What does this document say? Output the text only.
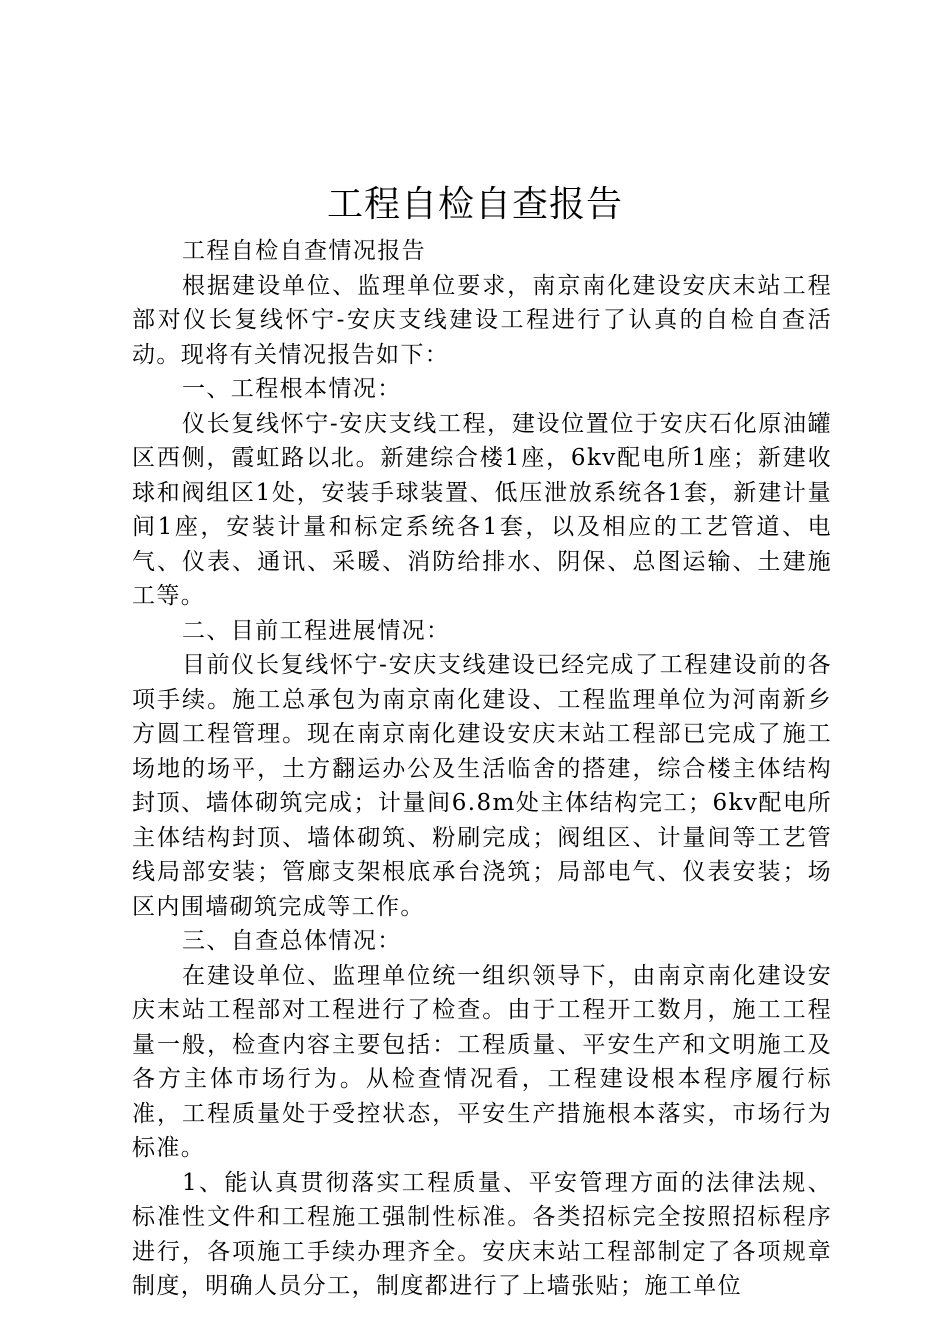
工程自检自查报告

工程自检自查情况报告

根据建设单位、监理单位要求，南京南化建设安庆末站工程部对仪长复线怀宁-安庆支线建设工程进行了认真的自检自查活动。现将有关情况报告如下：

一、工程根本情况：

仪长复线怀宁-安庆支线工程，建设位置位于安庆石化原油罐区西侧，霞虹路以北。新建综合楼1座，6kv配电所1座；新建收球和阀组区1处，安装手球装置、低压泄放系统各1套，新建计量间1座，安装计量和标定系统各1套，以及相应的工艺管道、电气、仪表、通讯、采暖、消防给排水、阴保、总图运输、土建施工等。

二、目前工程进展情况：

目前仪长复线怀宁-安庆支线建设已经完成了工程建设前的各项手续。施工总承包为南京南化建设、工程监理单位为河南新乡方圆工程管理。现在南京南化建设安庆末站工程部已完成了施工场地的场平，土方翻运办公及生活临舍的搭建，综合楼主体结构封顶、墙体砌筑完成；计量间6.8m处主体结构完工；6kv配电所主体结构封顶、墙体砌筑、粉刷完成；阀组区、计量间等工艺管线局部安装；管廊支架根底承台浇筑；局部电气、仪表安装；场区内围墙砌筑完成等工作。

三、自查总体情况：

在建设单位、监理单位统一组织领导下，由南京南化建设安庆末站工程部对工程进行了检查。由于工程开工数月，施工工程量一般，检查内容主要包括：工程质量、平安生产和文明施工及各方主体市场行为。从检查情况看，工程建设根本程序履行标准，工程质量处于受控状态，平安生产措施根本落实，市场行为标准。

1、能认真贯彻落实工程质量、平安管理方面的法律法规、标准性文件和工程施工强制性标准。各类招标完全按照招标程序进行，各项施工手续办理齐全。安庆末站工程部制定了各项规章制度，明确人员分工，制度都进行了上墙张贴；施工单位
